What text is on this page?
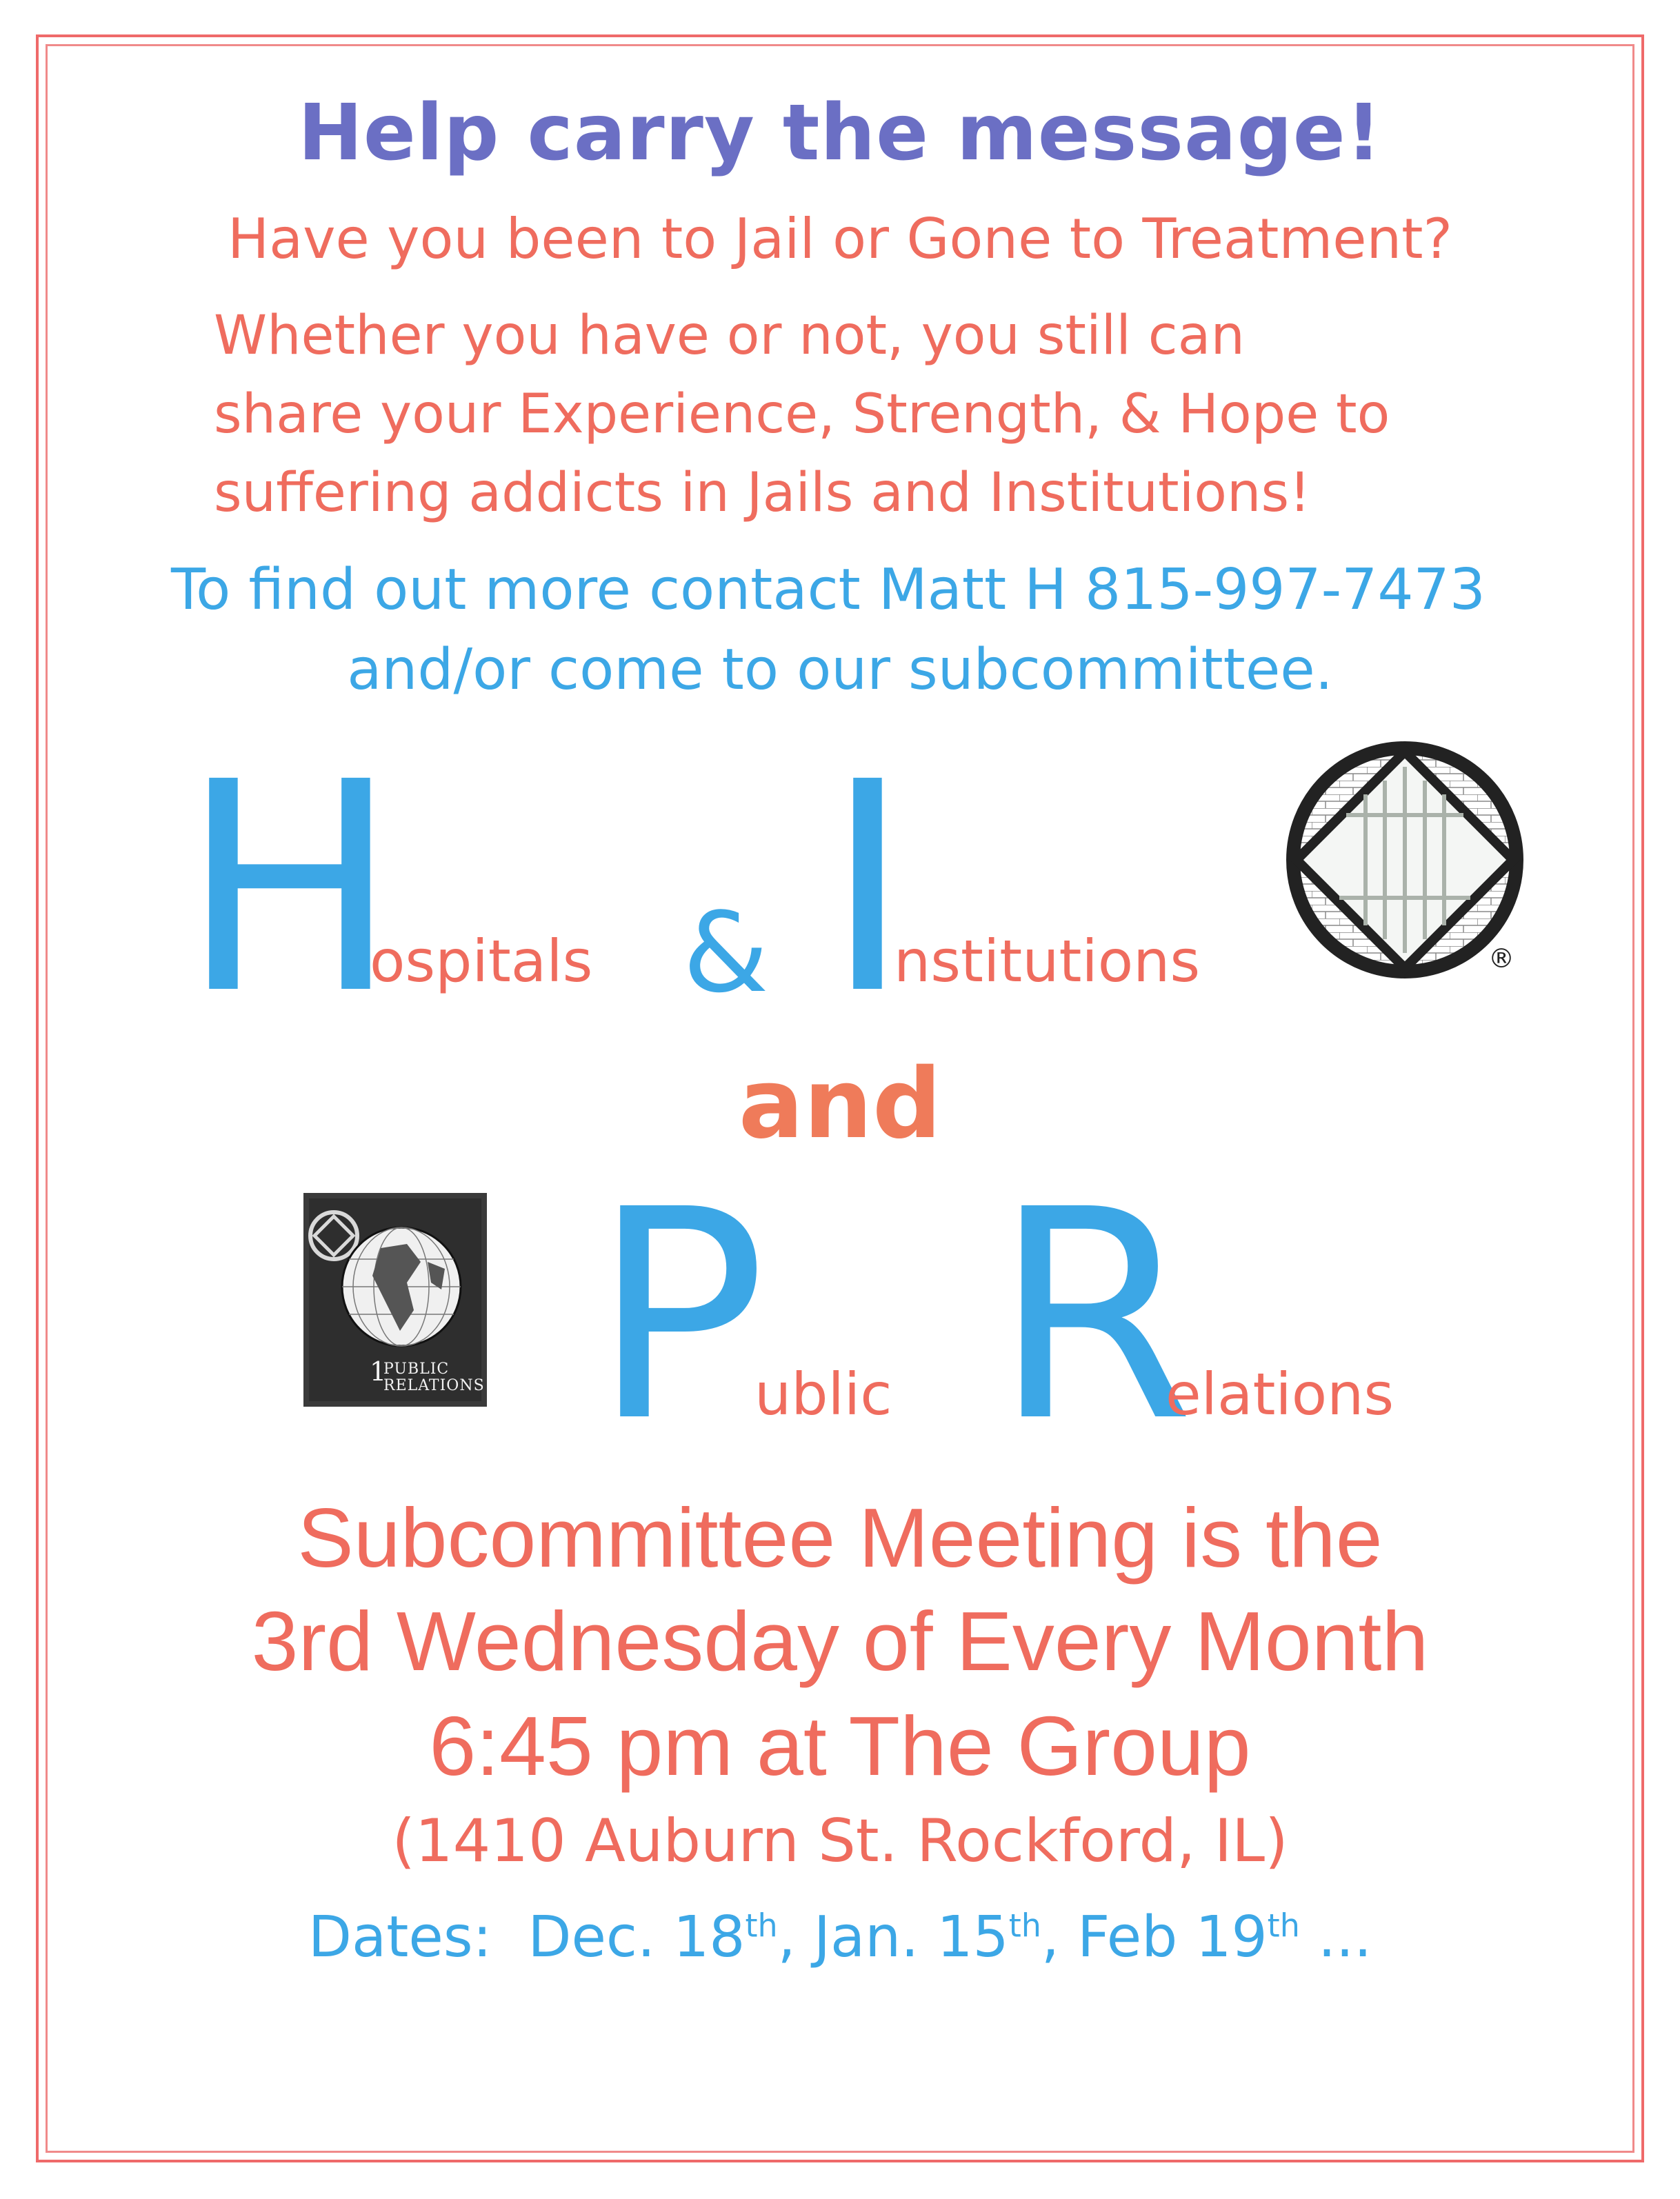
Help carry the message!
Have you been to Jail or Gone to Treatment?
Whether you have or not, you still can
share your Experience, Strength, & Hope to
suffering addicts in Jails and Institutions!
To find out more contact Matt H 815-997-7473
and/or come to our subcommittee.
H
ospitals & I
nstitutions	®
and
1
PUBLIC
RELATIONS P
ublic R
elations
Subcommittee Meeting is the
3rd Wednesday of Every Month
6:45 pm at The Group
(1410 Auburn St. Rockford, IL)
Dates: Dec. 18th, Jan. 15th, Feb 19th ...
